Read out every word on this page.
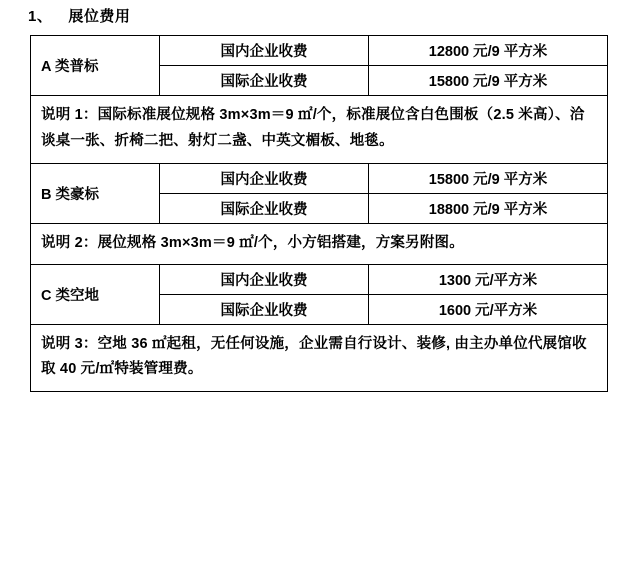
1、 展位费用
A 类普标	国内企业收费	12800 元/9 平方米
	国际企业收费	15800 元/9 平方米
说明 1：国际标准展位规格 3m×3m＝9 ㎡/个，标准展位含白色围板（2.5 米高）、洽谈桌一张、折椅二把、射灯二盏、中英文楣板、地毯。		
B 类豪标	国内企业收费	15800 元/9 平方米
	国际企业收费	18800 元/9 平方米
说明 2：展位规格 3m×3m＝9 ㎡/个，小方铝搭建，方案另附图。		
C 类空地	国内企业收费	1300 元/平方米
	国际企业收费	1600 元/平方米
说明 3：空地 36 ㎡起租，无任何设施，企业需自行设计、装修, 由主办单位代展馆收取 40 元/㎡特装管理费。		
